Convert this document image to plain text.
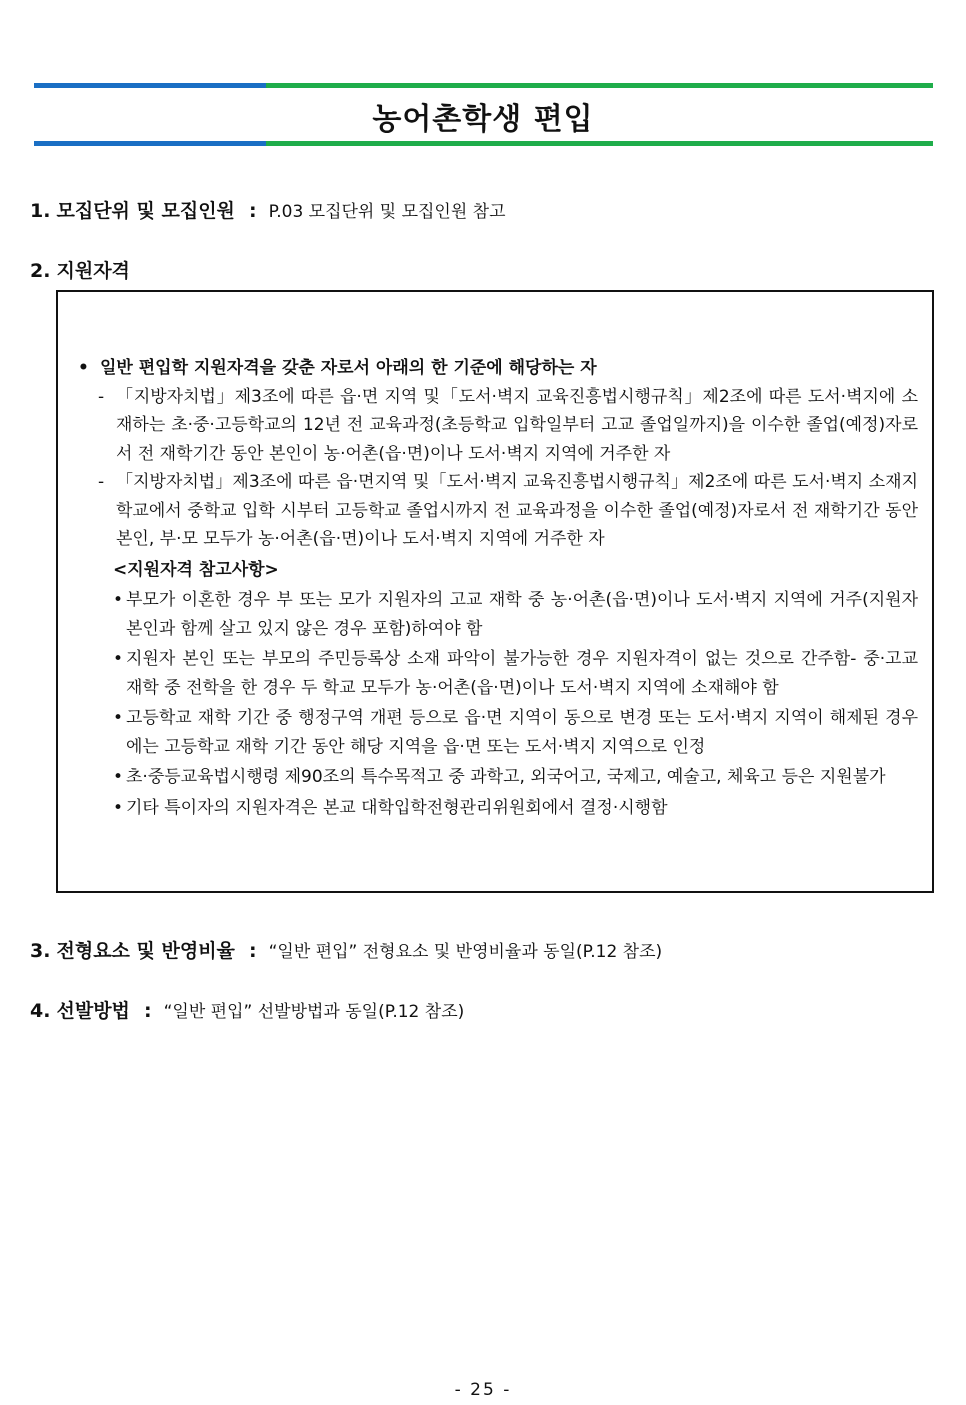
농어촌학생 편입
1. 모집단위 및 모집인원 : P.03 모집단위 및 모집인원 참고
2. 지원자격
• 일반 편입학 지원자격을 갖춘 자로서 아래의 한 기준에 해당하는 자
- 「지방자치법」제3조에 따른 읍·면 지역 및「도서·벽지 교육진흥법시행규칙」제2조에 따른 도서·벽지에 소재하는 초·중·고등학교의 12년 전 교육과정(초등학교 입학일부터 고교 졸업일까지)을 이수한 졸업(예정)자로서 전 재학기간 동안 본인이 농·어촌(읍·면)이나 도서·벽지 지역에 거주한 자
- 「지방자치법」제3조에 따른 읍·면지역 및「도서·벽지 교육진흥법시행규칙」제2조에 따른 도서·벽지 소재지 학교에서 중학교 입학 시부터 고등학교 졸업시까지 전 교육과정을 이수한 졸업(예정)자로서 전 재학기간 동안 본인, 부·모 모두가 농·어촌(읍·면)이나 도서·벽지 지역에 거주한 자
<지원자격 참고사항>
• 부모가 이혼한 경우 부 또는 모가 지원자의 고교 재학 중 농·어촌(읍·면)이나 도서·벽지 지역에 거주(지원자 본인과 함께 살고 있지 않은 경우 포함)하여야 함
• 지원자 본인 또는 부모의 주민등록상 소재 파악이 불가능한 경우 지원자격이 없는 것으로 간주함- 중·고교 재학 중 전학을 한 경우 두 학교 모두가 농·어촌(읍·면)이나 도서·벽지 지역에 소재해야 함
• 고등학교 재학 기간 중 행정구역 개편 등으로 읍·면 지역이 동으로 변경 또는 도서·벽지 지역이 해제된 경우에는 고등학교 재학 기간 동안 해당 지역을 읍·면 또는 도서·벽지 지역으로 인정
• 초·중등교육법시행령 제90조의 특수목적고 중 과학고, 외국어고, 국제고, 예술고, 체육고 등은 지원불가
• 기타 특이자의 지원자격은 본교 대학입학전형관리위원회에서 결정·시행함
3. 전형요소 및 반영비율 : “일반 편입” 전형요소 및 반영비율과 동일(P.12 참조)
4. 선발방법 : “일반 편입” 선발방법과 동일(P.12 참조)
- 25 -
